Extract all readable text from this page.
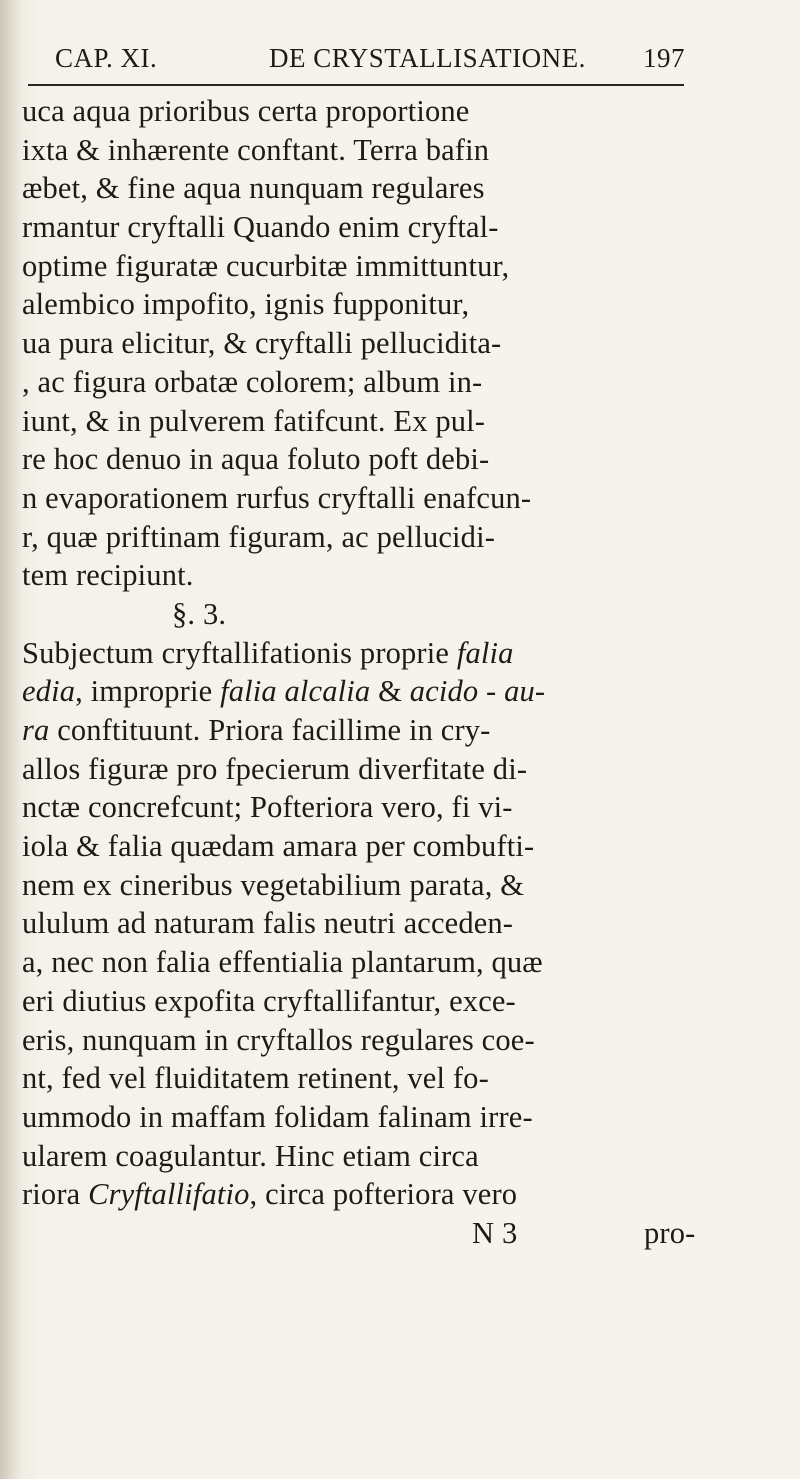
CAP. XI.	DE CRYSTALLISATIONE. 197
uca aqua prioribus certa proportione
ixta & inhærente conftant. Terra bafin
æbet, & fine aqua nunquam regulares
rmantur cryftalli Quando enim cryftal-
optime figuratæ cucurbitæ immittuntur,
alembico impofito, ignis fupponitur,
ua pura elicitur, & cryftalli pellucidita-
, ac figura orbatæ colorem; album in-
iunt, & in pulverem fatifcunt. Ex pul-
re hoc denuo in aqua foluto poft debi-
n evaporationem rurfus cryftalli enafcun-
r, quæ priftinam figuram, ac pellucidi-
tem recipiunt.
§. 3.
Subjectum cryftallifationis proprie falia
edia, improprie falia alcalia & acido - au-
ra conftituunt. Priora facillime in cry-
allos figuræ pro fpecierum diverfitate di-
nctæ concrefcunt; Pofteriora vero, fi vi-
iola & falia quædam amara per combufti-
nem ex cineribus vegetabilium parata, &
ululum ad naturam falis neutri acceden-
a, nec non falia effentialia plantarum, quæ
eri diutius expofita cryftallifantur, exce-
eris, nunquam in cryftallos regulares coe-
nt, fed vel fluiditatem retinent, vel fo-
ummodo in maffam folidam falinam irre-
ularem coagulantur. Hinc etiam circa
riora Cryftallifatio, circa pofteriora vero
N 3	pro-
